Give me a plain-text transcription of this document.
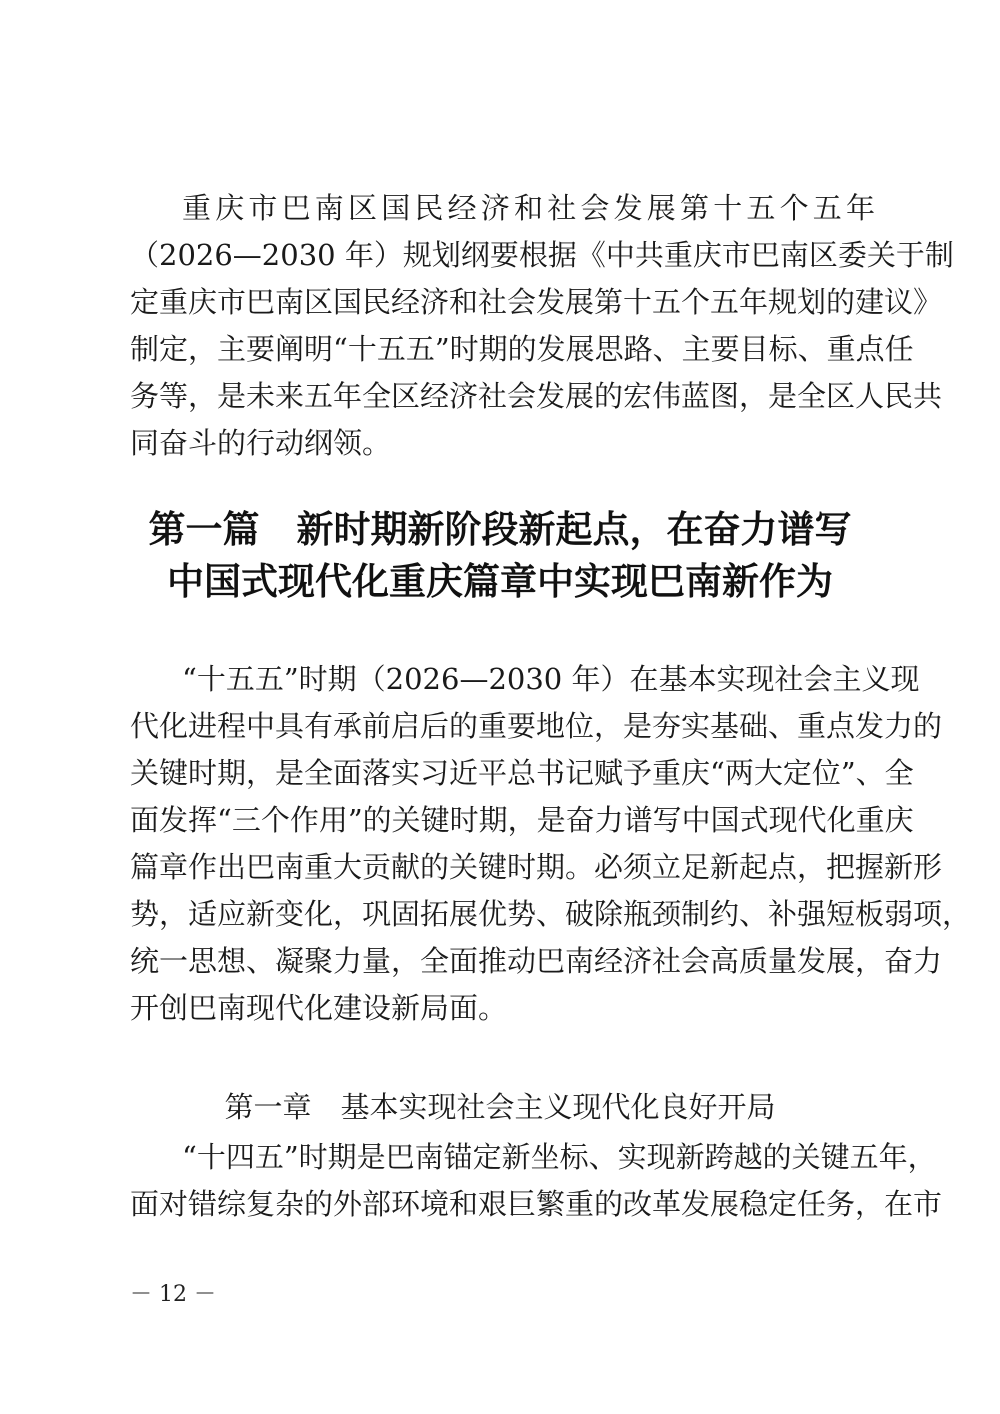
重庆市巴南区国民经济和社会发展第十五个五年
（2026—2030 年）规划纲要根据《中共重庆市巴南区委关于制
定重庆市巴南区国民经济和社会发展第十五个五年规划的建议》
制定，主要阐明“十五五”时期的发展思路、主要目标、重点任
务等，是未来五年全区经济社会发展的宏伟蓝图，是全区人民共
同奋斗的行动纲领。
第一篇　新时期新阶段新起点，在奋力谱写
中国式现代化重庆篇章中实现巴南新作为
“十五五”时期（2026—2030 年）在基本实现社会主义现
代化进程中具有承前启后的重要地位，是夯实基础、重点发力的
关键时期，是全面落实习近平总书记赋予重庆“两大定位”、全
面发挥“三个作用”的关键时期，是奋力谱写中国式现代化重庆
篇章作出巴南重大贡献的关键时期。必须立足新起点，把握新形
势，适应新变化，巩固拓展优势、破除瓶颈制约、补强短板弱项，
统一思想、凝聚力量，全面推动巴南经济社会高质量发展，奋力
开创巴南现代化建设新局面。
第一章　基本实现社会主义现代化良好开局
“十四五”时期是巴南锚定新坐标、实现新跨越的关键五年，
面对错综复杂的外部环境和艰巨繁重的改革发展稳定任务，在市
－ 12 －
